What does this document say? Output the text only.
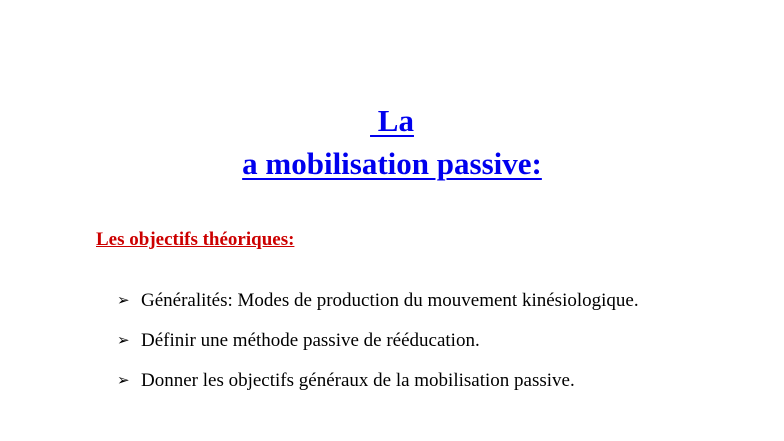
La
a mobilisation passive:
Les objectifs théoriques:
➢ Généralités: Modes de production du mouvement kinésiologique.
➢ Définir une méthode passive de rééducation.
➢ Donner les objectifs généraux de la mobilisation passive.
